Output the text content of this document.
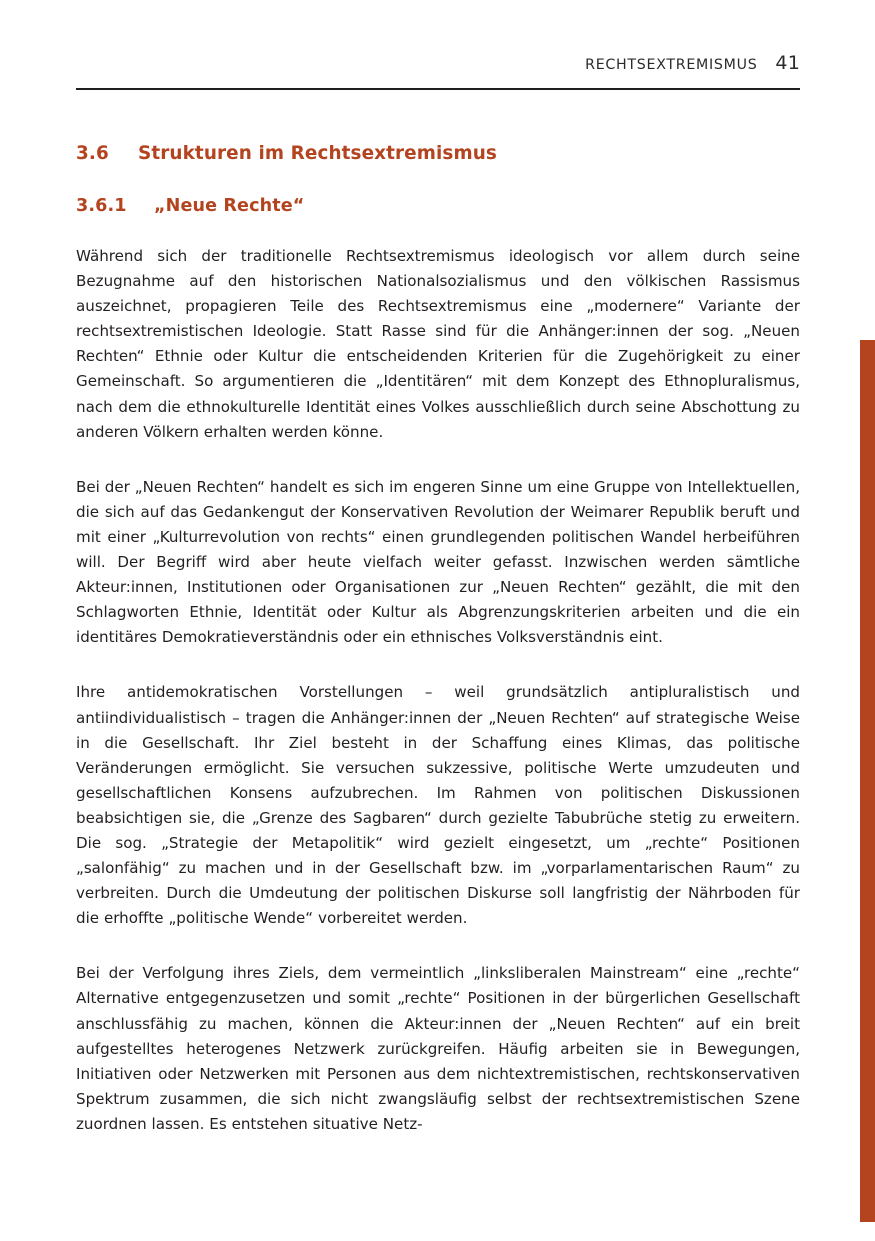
RECHTSEXTREMISMUS 41
3.6	Strukturen im Rechtsextremismus
3.6.1	„Neue Rechte“

Während sich der traditionelle Rechtsextremismus ideologisch vor allem durch seine Bezugnahme auf den historischen Nationalsozialismus und den völkischen Rassismus auszeichnet, propagieren Teile des Rechtsextremismus eine „modernere“ Variante der rechtsextremistischen Ideologie. Statt Rasse sind für die Anhänger:innen der sog. „Neuen Rechten“ Ethnie oder Kultur die entscheidenden Kriterien für die Zugehörigkeit zu einer Gemeinschaft. So argumentieren die „Identitären“ mit dem Konzept des Ethnopluralismus, nach dem die ethnokulturelle Identität eines Volkes ausschließlich durch seine Abschottung zu anderen Völkern erhalten werden könne.

Bei der „Neuen Rechten“ handelt es sich im engeren Sinne um eine Gruppe von Intellektuellen, die sich auf das Gedankengut der Konservativen Revolution der Weimarer Republik beruft und mit einer „Kulturrevolution von rechts“ einen grundlegenden politischen Wandel herbeiführen will. Der Begriff wird aber heute vielfach weiter gefasst. Inzwischen werden sämtliche Akteur:innen, Institutionen oder Organisationen zur „Neuen Rechten“ gezählt, die mit den Schlagworten Ethnie, Identität oder Kultur als Abgrenzungskriterien arbeiten und die ein identitäres Demokratieverständnis oder ein ethnisches Volksverständnis eint.

Ihre antidemokratischen Vorstellungen – weil grundsätzlich antipluralistisch und antiindividualistisch – tragen die Anhänger:innen der „Neuen Rechten“ auf strategische Weise in die Gesellschaft. Ihr Ziel besteht in der Schaffung eines Klimas, das politische Veränderungen ermöglicht. Sie versuchen sukzessive, politische Werte umzudeuten und gesellschaftlichen Konsens aufzubrechen. Im Rahmen von politischen Diskussionen beabsichtigen sie, die „Grenze des Sagbaren“ durch gezielte Tabubrüche stetig zu erweitern. Die sog. „Strategie der Metapolitik“ wird gezielt eingesetzt, um „rechte“ Positionen „salonfähig“ zu machen und in der Gesellschaft bzw. im „vorparlamentarischen Raum“ zu verbreiten. Durch die Umdeutung der politischen Diskurse soll langfristig der Nährboden für die erhoffte „politische Wende“ vorbereitet werden.

Bei der Verfolgung ihres Ziels, dem vermeintlich „linksliberalen Mainstream“ eine „rechte“ Alternative entgegenzusetzen und somit „rechte“ Positionen in der bürgerlichen Gesellschaft anschlussfähig zu machen, können die Akteur:innen der „Neuen Rechten“ auf ein breit aufgestelltes heterogenes Netzwerk zurückgreifen. Häufig arbeiten sie in Bewegungen, Initiativen oder Netzwerken mit Personen aus dem nichtextremistischen, rechtskonservativen Spektrum zusammen, die sich nicht zwangsläufig selbst der rechtsextremistischen Szene zuordnen lassen. Es entstehen situative Netz-
